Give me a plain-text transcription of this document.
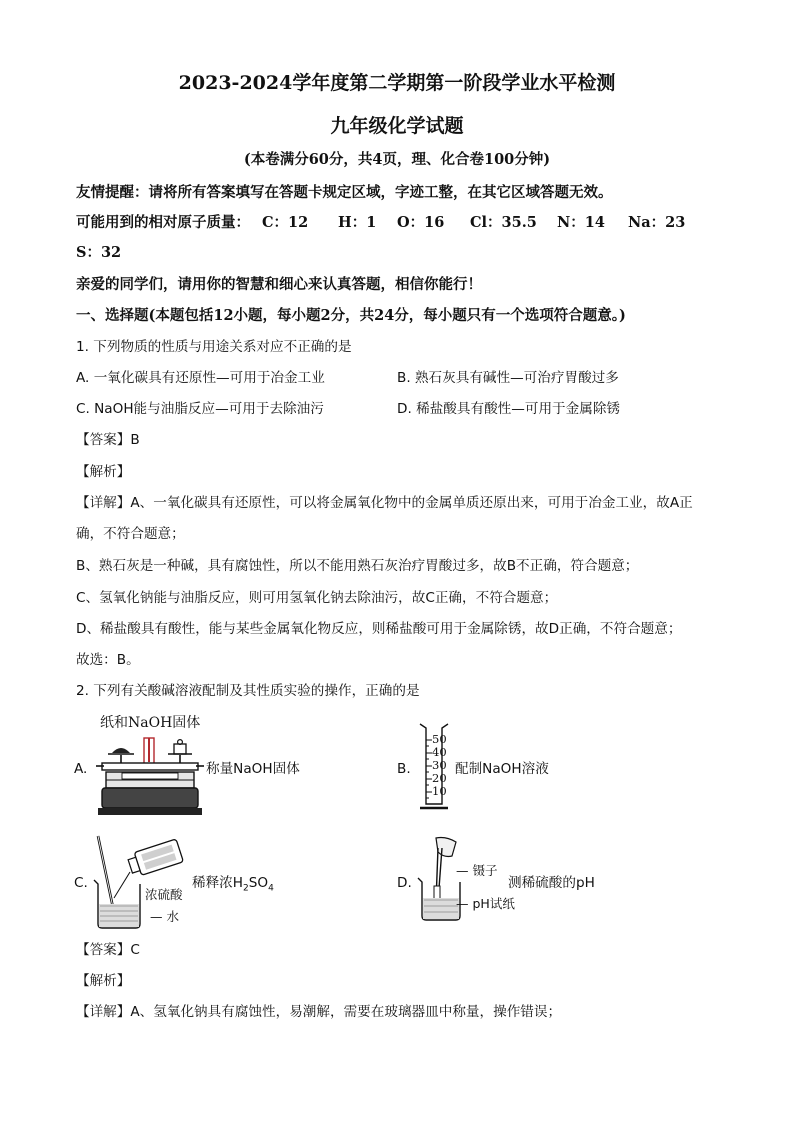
2023-2024学年度第二学期第一阶段学业水平检测
九年级化学试题
(本卷满分60分，共4页，理、化合卷100分钟)
友情提醒：请将所有答案填写在答题卡规定区域，字迹工整，在其它区域答题无效。
可能用到的相对原子质量： C：12 H：1 O：16 Cl：35.5 N：14 Na：23
S：32
亲爱的同学们，请用你的智慧和细心来认真答题，相信你能行！
一、选择题(本题包括12小题，每小题2分，共24分，每小题只有一个选项符合题意。)
1. 下列物质的性质与用途关系对应不正确的是
A. 一氧化碳具有还原性—可用于冶金工业	B. 熟石灰具有碱性—可治疗胃酸过多
C. NaOH能与油脂反应—可用于去除油污	D. 稀盐酸具有酸性—可用于金属除锈
【答案】B
【解析】
【详解】A、一氧化碳具有还原性，可以将金属氧化物中的金属单质还原出来，可用于冶金工业，故A正
确，不符合题意；
B、熟石灰是一种碱，具有腐蚀性，所以不能用熟石灰治疗胃酸过多，故B不正确，符合题意；
C、氢氧化钠能与油脂反应，则可用氢氧化钠去除油污，故C正确，不符合题意；
D、稀盐酸具有酸性，能与某些金属氧化物反应，则稀盐酸可用于金属除锈，故D正确，不符合题意；
故选：B。
2. 下列有关酸碱溶液配制及其性质实验的操作，正确的是
A.
纸和NaOH固体
称量NaOH固体	B.
50
40
30
20
10
配制NaOH溶液
C.
浓硫酸
— 水
稀释浓$H_2SO_4$	D.
— 镊子
— pH试纸
测稀硫酸的pH
【答案】C
【解析】
【详解】A、氢氧化钠具有腐蚀性，易潮解，需要在玻璃器皿中称量，操作错误；
